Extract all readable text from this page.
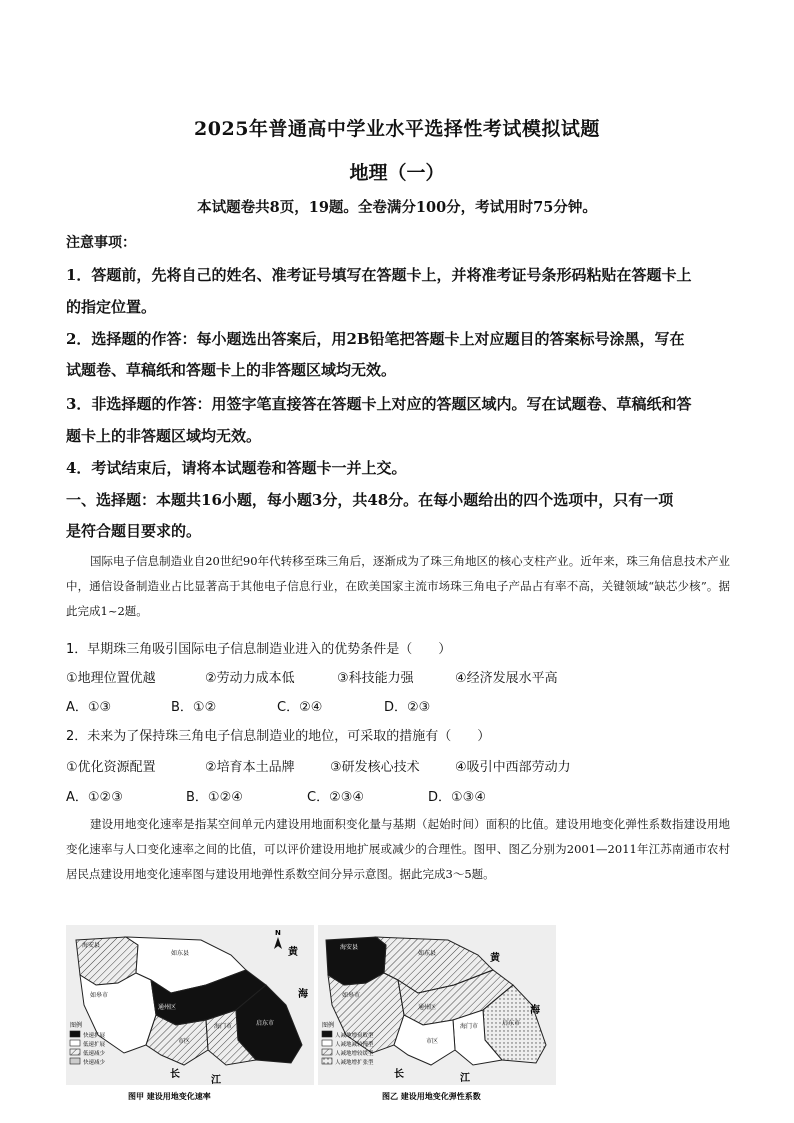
2025年普通高中学业水平选择性考试模拟试题
地理（一）
本试题卷共8页，19题。全卷满分100分，考试用时75分钟。
注意事项：
1．答题前，先将自己的姓名、准考证号填写在答题卡上，并将准考证号条形码粘贴在答题卡上
的指定位置。
2．选择题的作答：每小题选出答案后，用2B铅笔把答题卡上对应题目的答案标号涂黑，写在
试题卷、草稿纸和答题卡上的非答题区域均无效。
3．非选择题的作答：用签字笔直接答在答题卡上对应的答题区域内。写在试题卷、草稿纸和答
题卡上的非答题区域均无效。
4．考试结束后，请将本试题卷和答题卡一并上交。
一、选择题：本题共16小题，每小题3分，共48分。在每小题给出的四个选项中，只有一项
是符合题目要求的。
国际电子信息制造业自20世纪90年代转移至珠三角后，逐渐成为了珠三角地区的核心支柱产业。近年来，珠三角信息技术产业中，通信设备制造业占比显著高于其他电子信息行业，在欧美国家主流市场珠三角电子产品占有率不高，关键领域“缺芯少核”。据此完成1~2题。
1．早期珠三角吸引国际电子信息制造业进入的优势条件是（　　）
①地理位置优越	②劳动力成本低	③科技能力强	④经济发展水平高
A．①③	B．①②	C．②④	D．②③
2．未来为了保持珠三角电子信息制造业的地位，可采取的措施有（　　）
①优化资源配置	②培育本土品牌	③研发核心技术	④吸引中西部劳动力
A．①②③	B．①②④	C．②③④	D．①③④
建设用地变化速率是指某空间单元内建设用地面积变化量与基期（起始时间）面积的比值。建设用地变化弹性系数指建设用地变化速率与人口变化速率之间的比值，可以评价建设用地扩展或减少的合理性。图甲、图乙分别为2001—2011年江苏南通市农村居民点建设用地变化速率图与建设用地弹性系数空间分异示意图。据此完成3～5题。
海安县
如东县
如皋市
通州区
海门市	启东市
市区
黄
海
长
江
N
图例
快速扩展
低速扩展
低速减少
快速减少
图甲 建设用地变化速率
海安县
如东县
如皋市
通州区
海门市	启东市
市区
黄
海
长	江
图例
人减地增衰败型
人减地减较慢型
人减地增较缓型
人减地增扩张型
图乙 建设用地变化弹性系数
